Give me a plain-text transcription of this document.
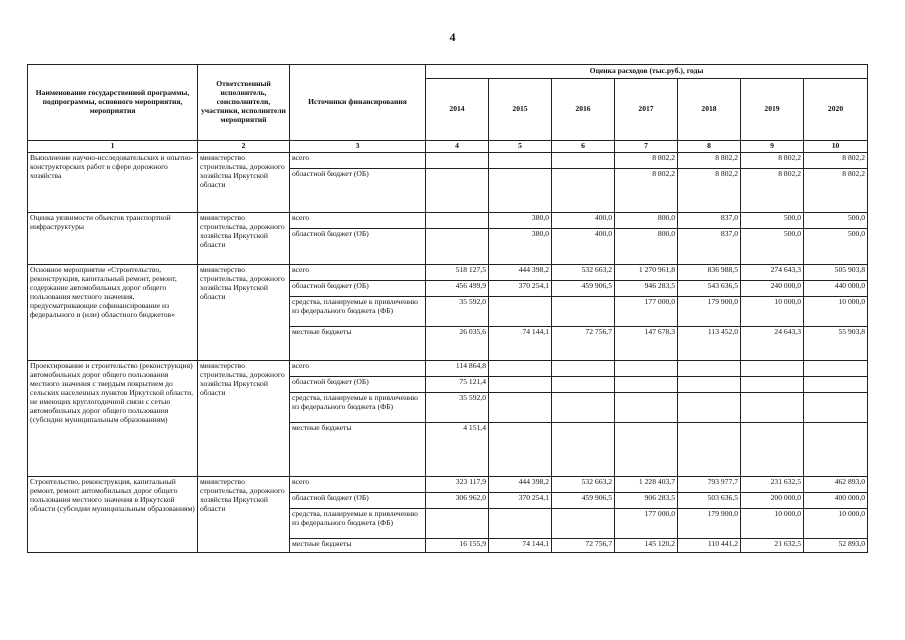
4
Наименование государственной программы, подпрограммы, основного мероприятия, мероприятия	Ответственный исполнитель, соисполнители, участники, исполнители мероприятий	Источники финансирования	Оценка расходов (тыс.руб.), годы						
			2014	2015	2016	2017	2018	2019	2020
1	2	3	4	5	6	7	8	9	10
Выполнение научно-исследовательских и опытно-конструкторских работ в сфере дорожного хозяйства	министерство строительства, дорожного хозяйства Иркутской области	всего				8 802,2	8 802,2	8 802,2	8 802,2
		областной бюджет (ОБ)				8 802,2	8 802,2	8 802,2	8 802,2
Оценка уязвимости объектов транспортной инфраструктуры	министерство строительства, дорожного хозяйства Иркутской области	всего		380,0	400,0	800,0	837,0	500,0	500,0
		областной бюджет (ОБ)		380,0	400,0	800,0	837,0	500,0	500,0
Основное мероприятие «Строительство, реконструкция, капитальный ремонт, ремонт, содержание автомобильных дорог общего пользования местного значения, предусматривающие софинансирование из федерального и (или) областного бюджетов»	министерство строительства, дорожного хозяйства Иркутской области	всего	518 127,5	444 398,2	532 663,2	1 270 961,8	836 988,5	274 643,3	505 903,8
		областной бюджет (ОБ)	456 499,9	370 254,1	459 906,5	946 283,5	543 636,5	240 000,0	440 000,0
		средства, планируемые к привлечению из федерального бюджета (ФБ)	35 592,0			177 000,0	179 900,0	10 000,0	10 000,0
		местные бюджеты	26 035,6	74 144,1	72 756,7	147 678,3	113 452,0	24 643,3	55 903,8
Проектирование и строительство (реконструкция) автомобильных дорог общего пользования местного значения с твердым покрытием до сельских населенных пунктов Иркутской области, не имеющих круглогодичной связи с сетью автомобильных дорог общего пользования (субсидии муниципальным образованиям)	министерство строительства, дорожного хозяйства Иркутской области	всего	114 864,8						
		областной бюджет (ОБ)	75 121,4						
		средства, планируемые к привлечению из федерального бюджета (ФБ)	35 592,0						
		местные бюджеты	4 151,4						
Строительство, реконструкция, капитальный ремонт, ремонт автомобильных дорог общего пользования местного значения в Иркутской области (субсидии муниципальным образованиям)	министерство строительства, дорожного хозяйства Иркутской области	всего	323 117,9	444 398,2	532 663,2	1 228 403,7	793 977,7	231 632,5	462 893,0
		областной бюджет (ОБ)	306 962,0	370 254,1	459 906,5	906 283,5	503 636,5	200 000,0	400 000,0
		средства, планируемые к привлечению из федерального бюджета (ФБ)				177 000,0	179 900,0	10 000,0	10 000,0
		местные бюджеты	16 155,9	74 144,1	72 756,7	145 120,2	110 441,2	21 632,5	52 893,0
